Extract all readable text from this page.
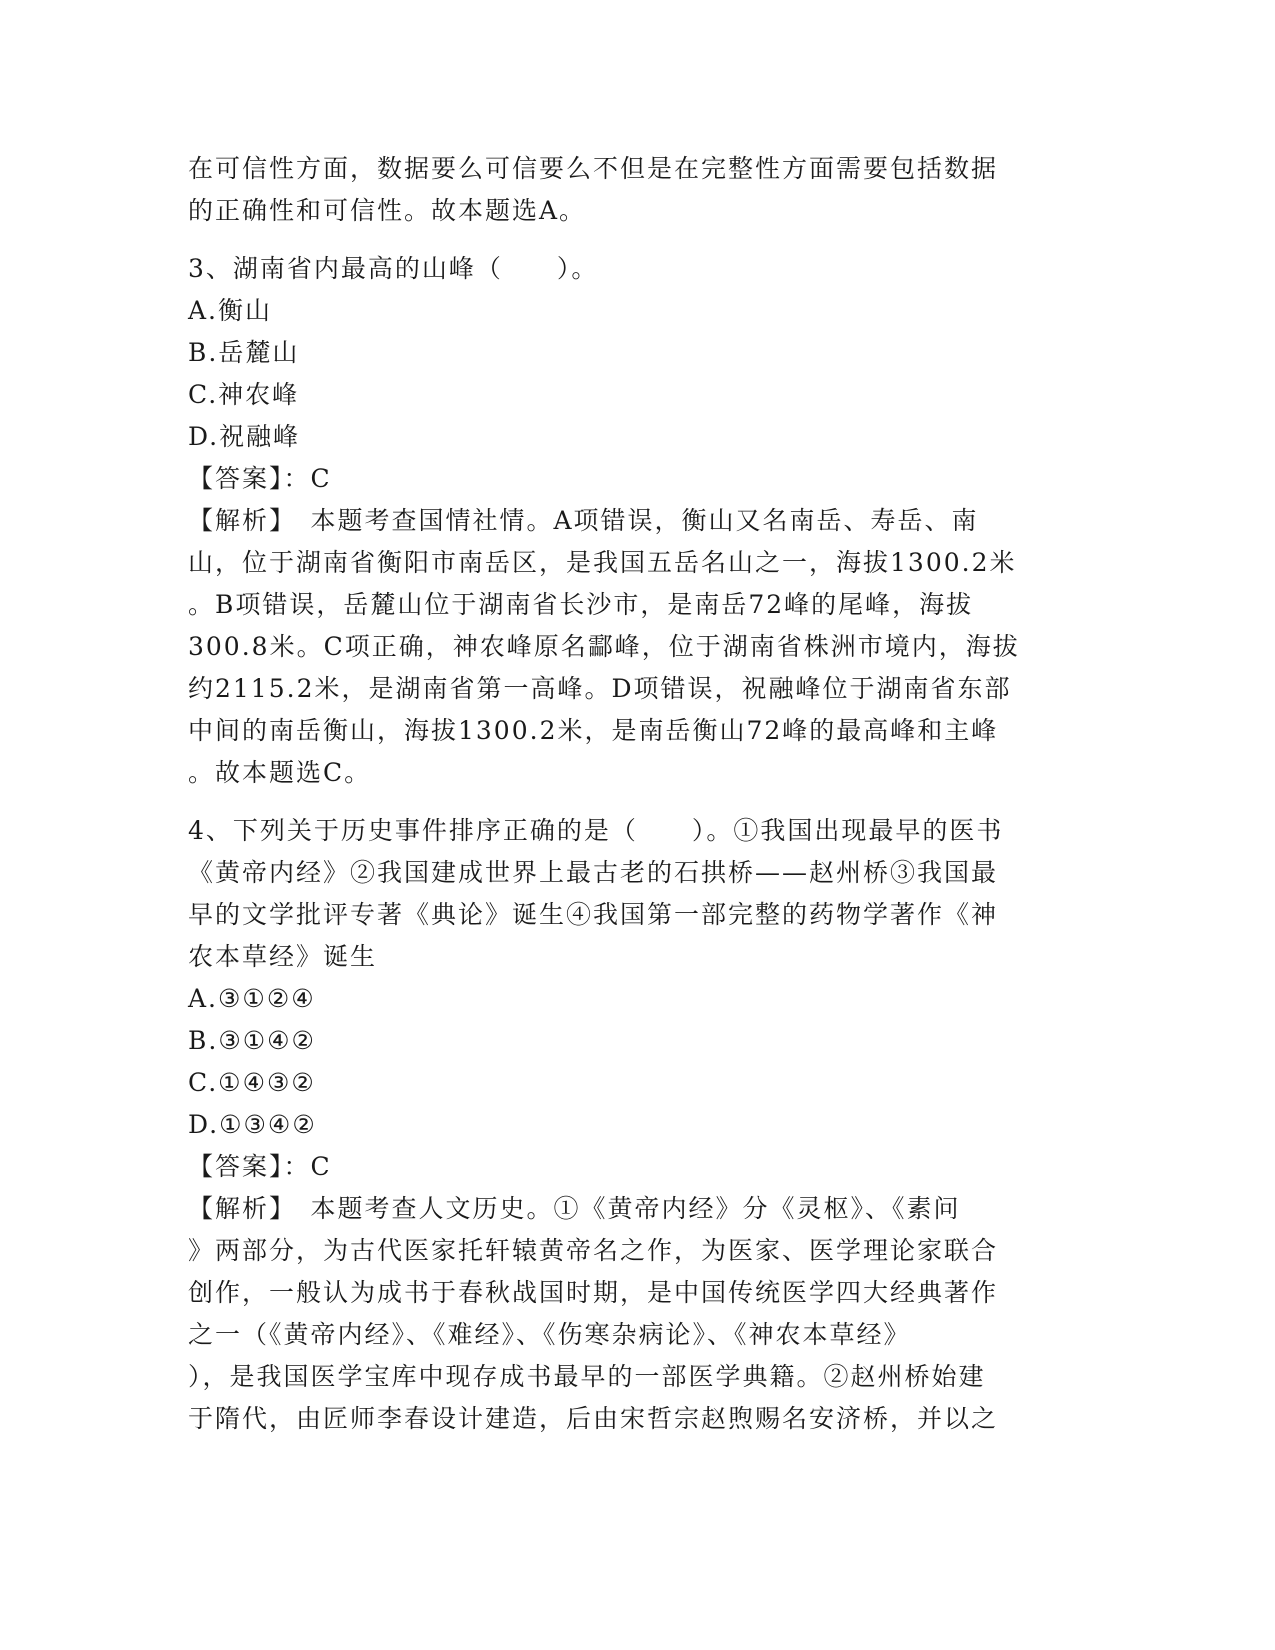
在可信性方面，数据要么可信要么不但是在完整性方面需要包括数据
的正确性和可信性。故本题选A。
3、湖南省内最高的山峰（　　）。
A.衡山
B.岳麓山
C.神农峰
D.祝融峰
【答案】：C
【解析】　本题考查国情社情。A项错误，衡山又名南岳、寿岳、南
山，位于湖南省衡阳市南岳区，是我国五岳名山之一，海拔1300.2米
。B项错误，岳麓山位于湖南省长沙市，是南岳72峰的尾峰，海拔
300.8米。C项正确，神农峰原名酃峰，位于湖南省株洲市境内，海拔
约2115.2米，是湖南省第一高峰。D项错误，祝融峰位于湖南省东部
中间的南岳衡山，海拔1300.2米，是南岳衡山72峰的最高峰和主峰
。故本题选C。
4、下列关于历史事件排序正确的是（　　）。①我国出现最早的医书
《黄帝内经》②我国建成世界上最古老的石拱桥——赵州桥③我国最
早的文学批评专著《典论》诞生④我国第一部完整的药物学著作《神
农本草经》诞生
A.③①②④
B.③①④②
C.①④③②
D.①③④②
【答案】：C
【解析】　本题考查人文历史。①《黄帝内经》分《灵枢》、《素问
》两部分，为古代医家托轩辕黄帝名之作，为医家、医学理论家联合
创作，一般认为成书于春秋战国时期，是中国传统医学四大经典著作
之一（《黄帝内经》、《难经》、《伤寒杂病论》、《神农本草经》
），是我国医学宝库中现存成书最早的一部医学典籍。②赵州桥始建
于隋代，由匠师李春设计建造，后由宋哲宗赵煦赐名安济桥，并以之
